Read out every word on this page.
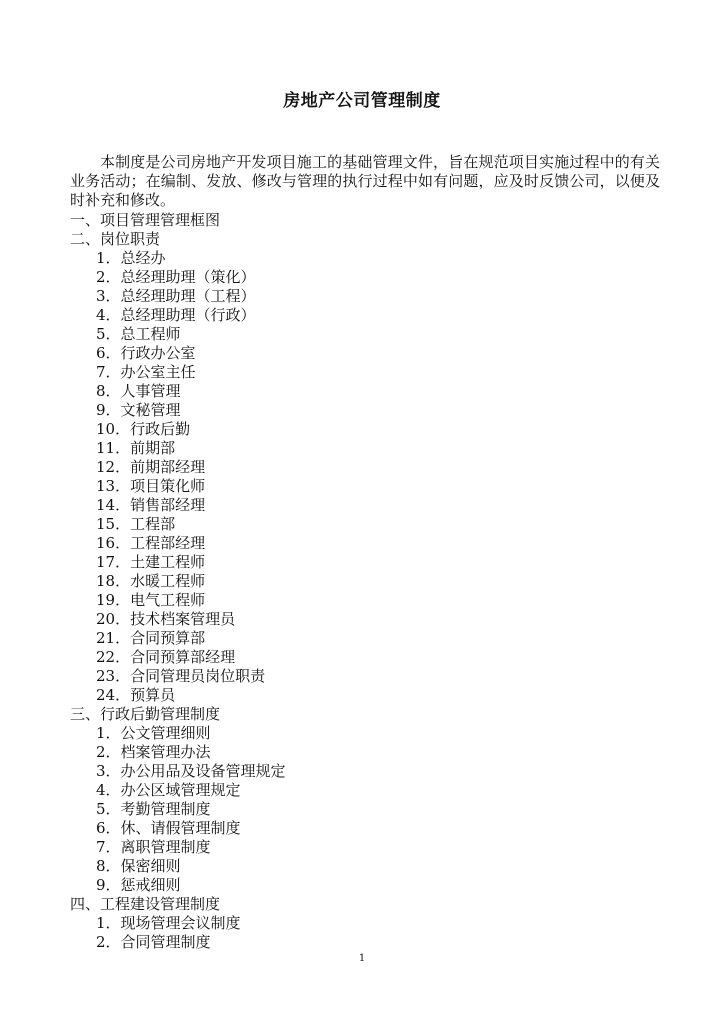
房地产公司管理制度

本制度是公司房地产开发项目施工的基础管理文件，旨在规范项目实施过程中的有关业务活动；在编制、发放、修改与管理的执行过程中如有问题，应及时反馈公司，以便及时补充和修改。

一、项目管理管理框图
二、岗位职责
1．总经办
2．总经理助理（策化）
3．总经理助理（工程）
4．总经理助理（行政）
5．总工程师
6．行政办公室
7．办公室主任
8．人事管理
9．文秘管理
10．行政后勤
11．前期部
12．前期部经理
13．项目策化师
14．销售部经理
15．工程部
16．工程部经理
17．土建工程师
18．水暖工程师
19．电气工程师
20．技术档案管理员
21．合同预算部
22．合同预算部经理
23．合同管理员岗位职责
24．预算员
三、行政后勤管理制度
1．公文管理细则
2．档案管理办法
3．办公用品及设备管理规定
4．办公区域管理规定
5．考勤管理制度
6．休、请假管理制度
7．离职管理制度
8．保密细则
9．惩戒细则
四、工程建设管理制度
1．现场管理会议制度
2．合同管理制度
1
